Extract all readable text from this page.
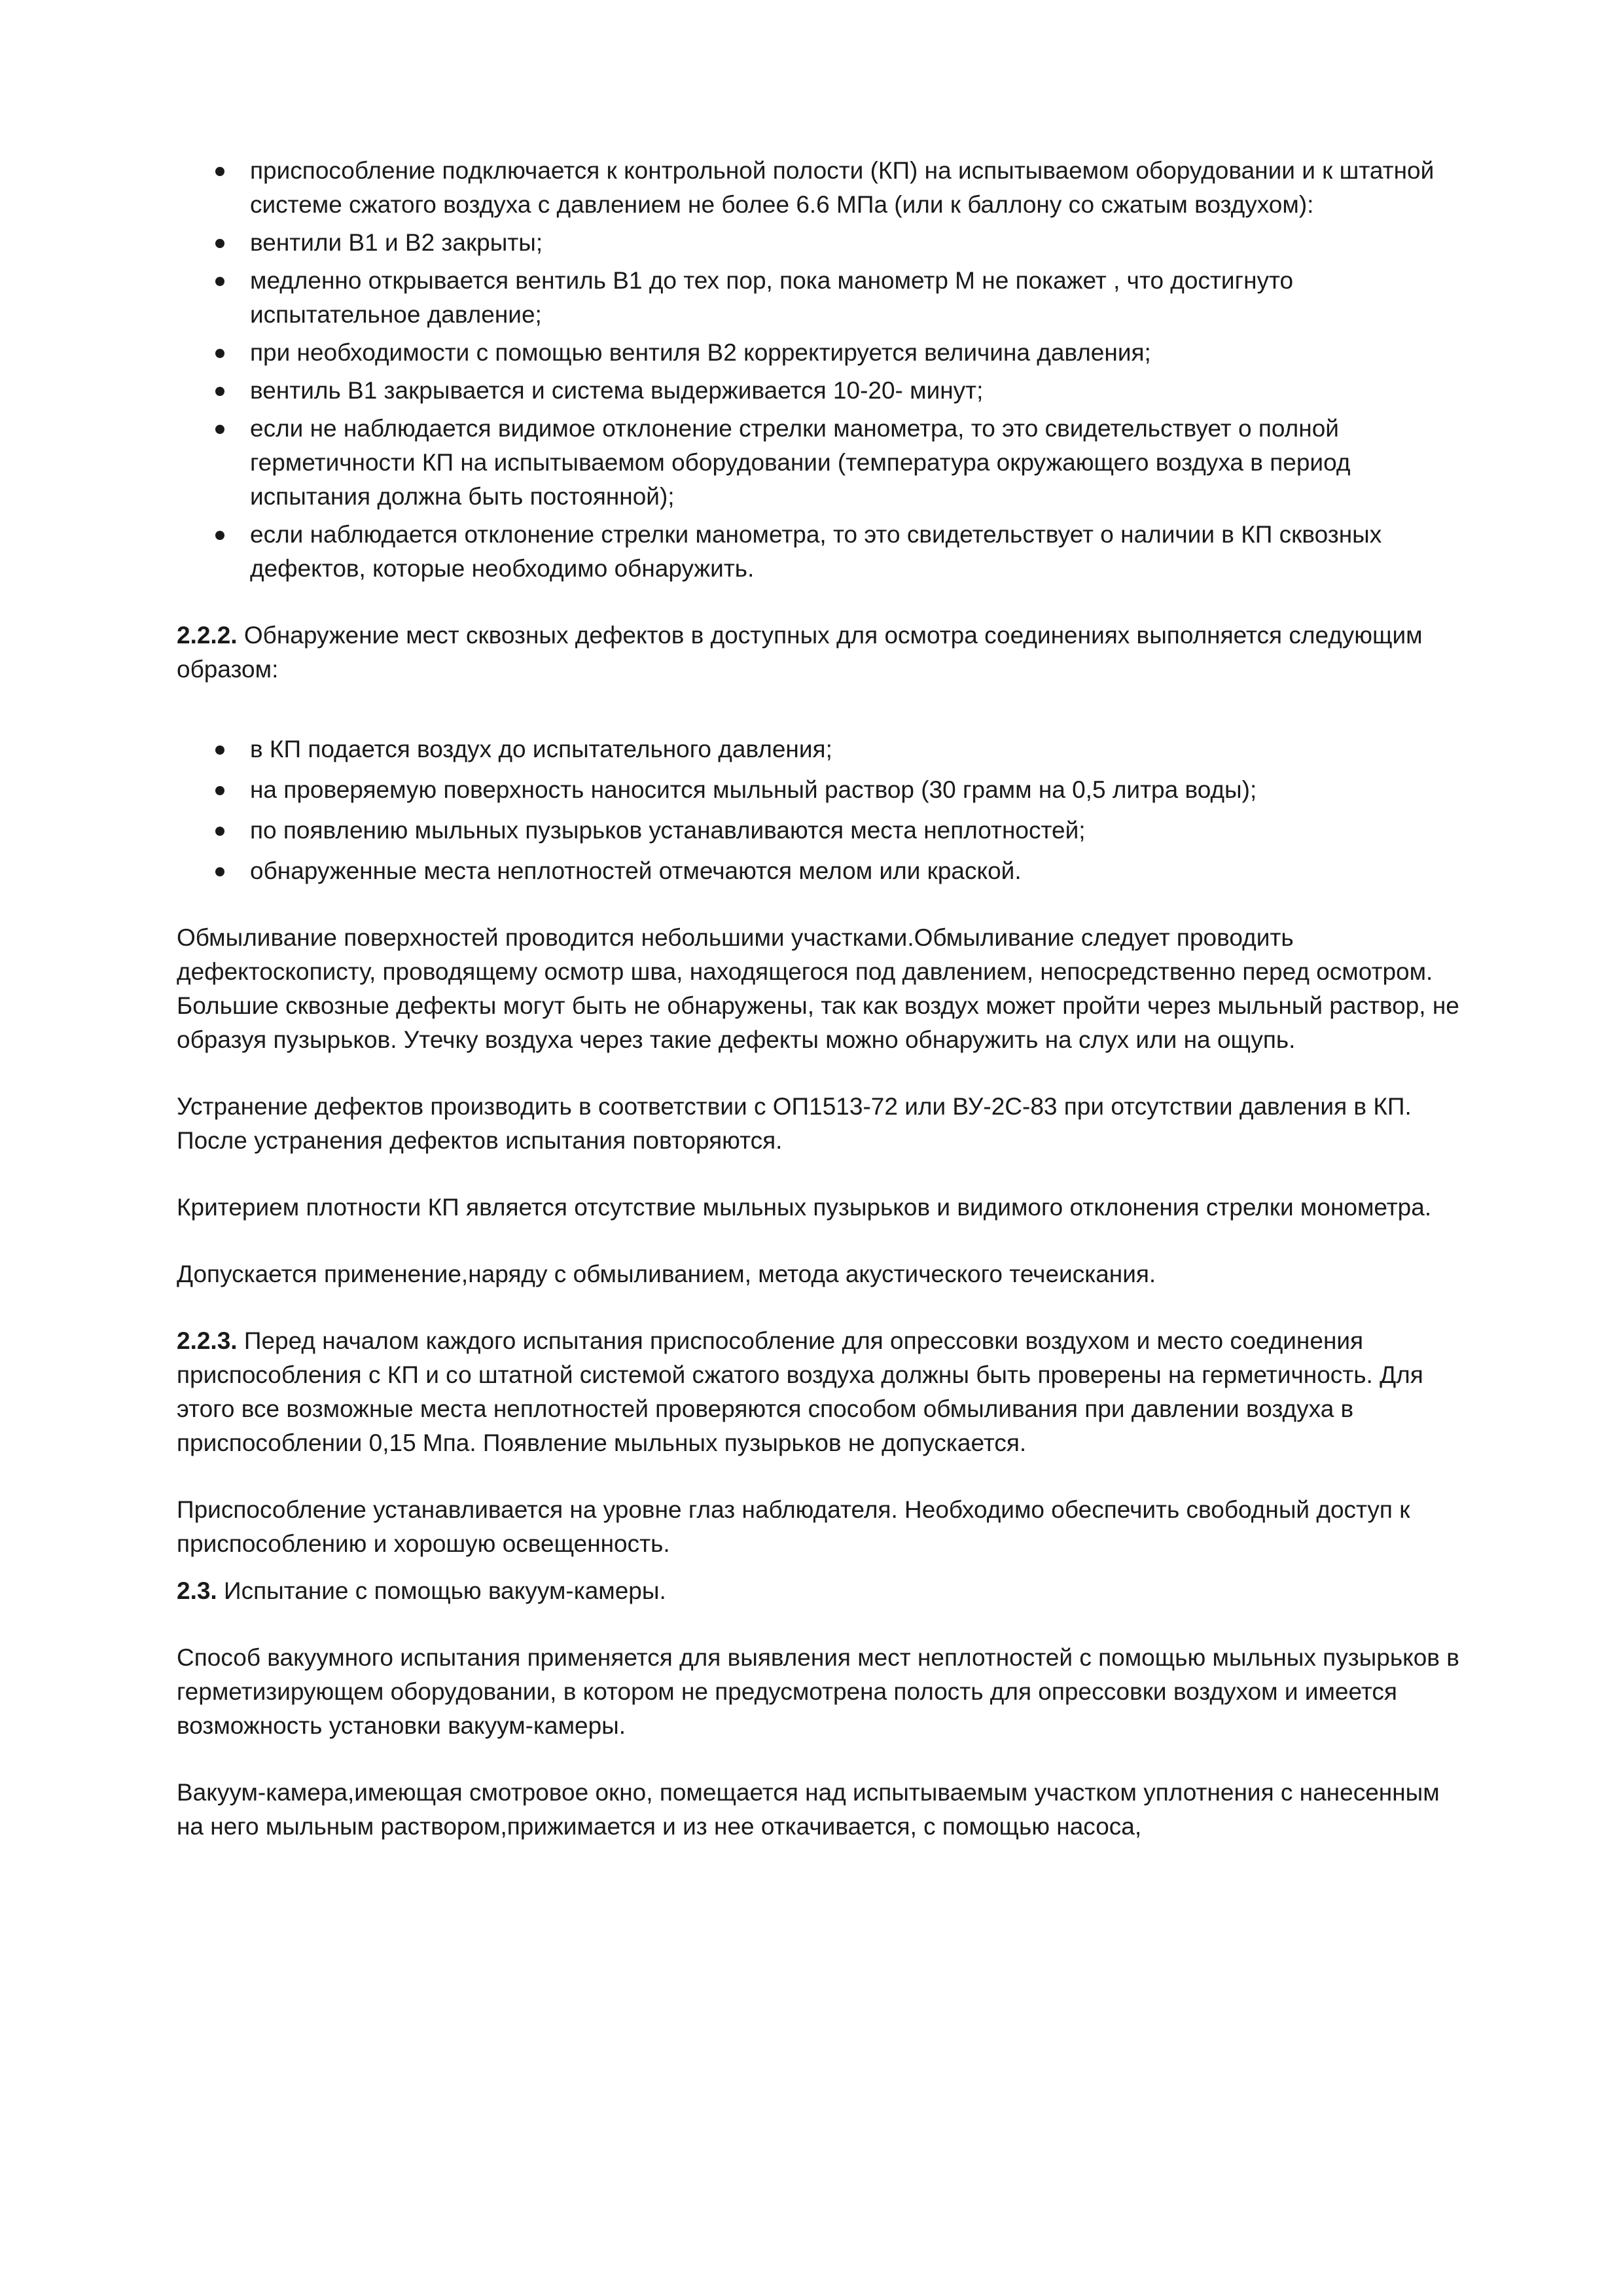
приспособление подключается к контрольной полости (КП) на испытываемом оборудовании и к штатной системе сжатого воздуха с давлением не более 6.6 МПа (или к баллону со сжатым воздухом):
вентили В1 и В2 закрыты;
медленно открывается вентиль В1 до тех пор, пока манометр М не покажет , что достигнуто испытательное давление;
при необходимости с помощью вентиля В2 корректируется величина давления;
вентиль В1 закрывается и система выдерживается 10-20- минут;
если не наблюдается видимое отклонение стрелки манометра, то это свидетельствует о полной герметичности КП на испытываемом оборудовании (температура окружающего воздуха в период испытания должна быть постоянной);
если наблюдается отклонение стрелки манометра, то это свидетельствует о наличии в КП сквозных дефектов, которые необходимо обнаружить.

2.2.2. Обнаружение мест сквозных дефектов в доступных для осмотра соединениях выполняется следующим образом:

в КП подается воздух до испытательного давления;
на проверяемую поверхность наносится мыльный раствор (30 грамм на 0,5 литра воды);
по появлению мыльных пузырьков устанавливаются места неплотностей;
обнаруженные места неплотностей отмечаются мелом или краской.

Обмыливание поверхностей проводится небольшими участками.Обмыливание следует проводить дефектоскописту, проводящему осмотр шва, находящегося под давлением, непосредственно перед осмотром. Большие сквозные дефекты могут быть не обнаружены, так как воздух может пройти через мыльный раствор, не образуя пузырьков. Утечку воздуха через такие дефекты можно обнаружить на слух или на ощупь.

Устранение дефектов производить в соответствии с ОП1513-72 или ВУ-2С-83 при отсутствии давления в КП. После устранения дефектов испытания повторяются.

Критерием плотности КП является отсутствие мыльных пузырьков и видимого отклонения стрелки монометра.

Допускается применение,наряду с обмыливанием, метода акустического течеискания.

2.2.3. Перед началом каждого испытания приспособление для опрессовки воздухом и место соединения приспособления с КП и со штатной системой сжатого воздуха должны быть проверены на герметичность. Для этого все возможные места неплотностей проверяются способом обмыливания при давлении воздуха в приспособлении 0,15 Мпа. Появление мыльных пузырьков не допускается.

Приспособление устанавливается на уровне глаз наблюдателя. Необходимо обеспечить свободный доступ к приспособлению и хорошую освещенность.

2.3. Испытание с помощью вакуум-камеры.

Способ вакуумного испытания применяется для выявления мест неплотностей с помощью мыльных пузырьков в герметизирующем оборудовании, в котором не предусмотрена полость для опрессовки воздухом и имеется возможность установки вакуум-камеры.

Вакуум-камера,имеющая смотровое окно, помещается над испытываемым участком уплотнения с нанесенным на него мыльным раствором,прижимается и из нее откачивается, с помощью насоса,
